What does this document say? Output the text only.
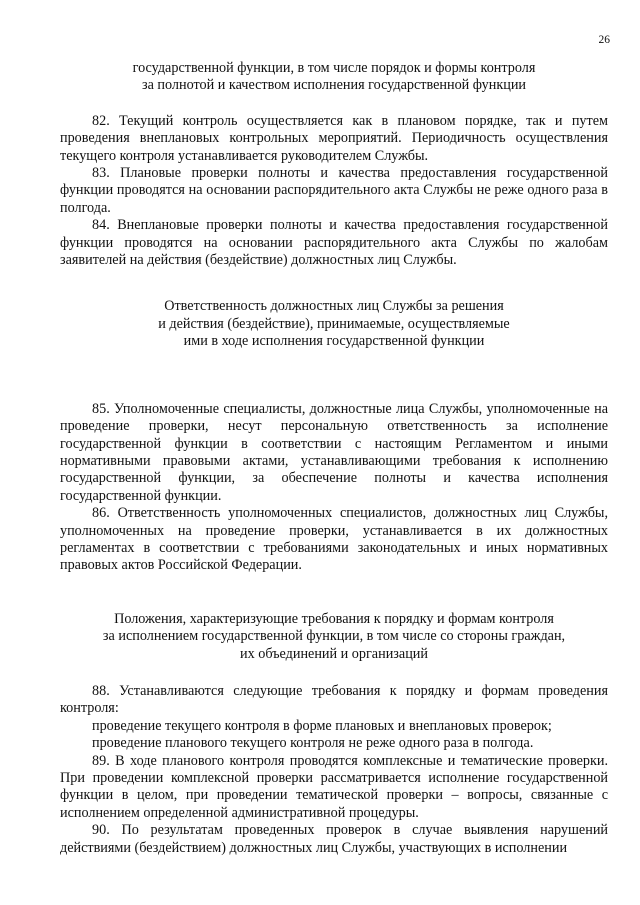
26
государственной функции, в том числе порядок и формы контроля
за полнотой и качеством исполнения государственной функции
82. Текущий контроль осуществляется как в плановом порядке, так и путем проведения внеплановых контрольных мероприятий. Периодичность осуществления текущего контроля устанавливается руководителем Службы.
83. Плановые проверки полноты и качества предоставления государственной функции проводятся на основании распорядительного акта Службы не реже одного раза в полгода.
84. Внеплановые проверки полноты и качества предоставления государственной функции проводятся на основании распорядительного акта Службы по жалобам заявителей на действия (бездействие) должностных лиц Службы.
Ответственность должностных лиц Службы за решения
и действия (бездействие), принимаемые, осуществляемые
ими в ходе исполнения государственной функции
85. Уполномоченные специалисты, должностные лица Службы, уполномоченные на проведение проверки, несут персональную ответственность за исполнение государственной функции в соответствии с настоящим Регламентом и иными нормативными правовыми актами, устанавливающими требования к исполнению государственной функции, за обеспечение полноты и качества исполнения государственной функции.
86. Ответственность уполномоченных специалистов, должностных лиц Службы, уполномоченных на проведение проверки, устанавливается в их должностных регламентах в соответствии с требованиями законодательных и иных нормативных правовых актов Российской Федерации.
Положения, характеризующие требования к порядку и формам контроля
за исполнением государственной функции, в том числе со стороны граждан,
их объединений и организаций
88. Устанавливаются следующие требования к порядку и формам проведения контроля:
проведение текущего контроля в форме плановых и внеплановых проверок;
проведение планового текущего контроля не реже одного раза в полгода.
89. В ходе планового контроля проводятся комплексные и тематические проверки. При проведении комплексной проверки рассматривается исполнение государственной функции в целом, при проведении тематической проверки – вопросы, связанные с исполнением определенной административной процедуры.
90. По результатам проведенных проверок в случае выявления нарушений действиями (бездействием) должностных лиц Службы, участвующих в исполнении
